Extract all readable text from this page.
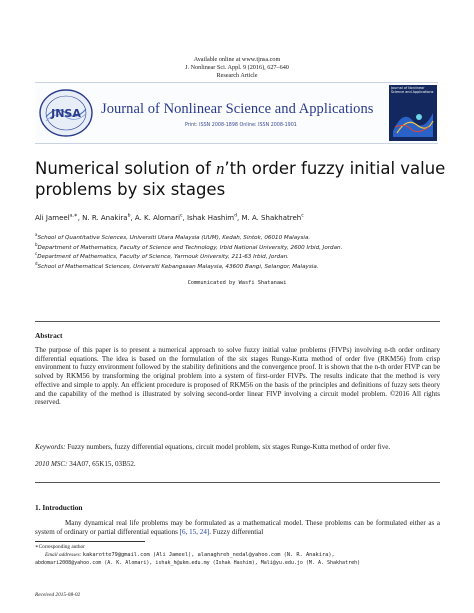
Available online at www.tjnsa.com
J. Nonlinear Sci. Appl. 9 (2016), 627–640
Research Article
JNSA Journal of Nonlinear Science and Applications
Print: ISSN 2008-1898 Online: ISSN 2008-1901
Journal of Nonlinear Science and Applications
Numerical solution of n’th order fuzzy initial value
problems by six stages
Ali Jameel$^{a,∗}$, N. R. Anakira$^b$, A. K. Alomari$^c$, Ishak Hashim$^d$, M. A. Shakhatreh$^c$
$^a$School of Quantitative Sciences, Universiti Utara Malaysia (UUM), Kedah, Sintok, 06010 Malaysia.
$^b$Department of Mathematics, Faculty of Science and Technology, Irbid National University, 2600 Irbid, Jordan.
$^c$Department of Mathematics, Faculty of Science, Yarmouk University, 211-63 Irbid, Jordan.
$^d$School of Mathematical Sciences, Universiti Kebangsaan Malaysia, 43600 Bangi, Selangor, Malaysia.
Communicated by Wasfi Shatanawi
Abstract
The purpose of this paper is to present a numerical approach to solve fuzzy initial value problems (FIVPs) involving n-th order ordinary differential equations. The idea is based on the formulation of the six stages Runge-Kutta method of order five (RKM56) from crisp environment to fuzzy environment followed by the stability definitions and the convergence proof. It is shown that the n-th order FIVP can be solved by RKM56 by transforming the original problem into a system of first-order FIVPs. The results indicate that the method is very effective and simple to apply. An efficient procedure is proposed of RKM56 on the basis of the principles and definitions of fuzzy sets theory and the capability of the method is illustrated by solving second-order linear FIVP involving a circuit model problem. ©2016 All rights reserved.
Keywords: Fuzzy numbers, fuzzy differential equations, circuit model problem, six stages Runge-Kutta method of order five.
2010 MSC: 34A07, 65K15, 03B52.
1. Introduction
Many dynamical real life problems may be formulated as a mathematical model. These problems can be formulated either as a system of ordinary or partial differential equations [6, 15, 24]. Fuzzy differential
∗Corresponding author
Email addresses: kakarotte79@gmail.com (Ali Jameel), alanaghreh_nedal@yahoo.com (N. R. Anakira),
abdomari2008@yahoo.com (A. K. Alomari), ishak_h@ukm.edu.my (Ishak Hashim), Mali@yu.edu.jo (M. A. Shakhatreh)
Received 2015-08-02
